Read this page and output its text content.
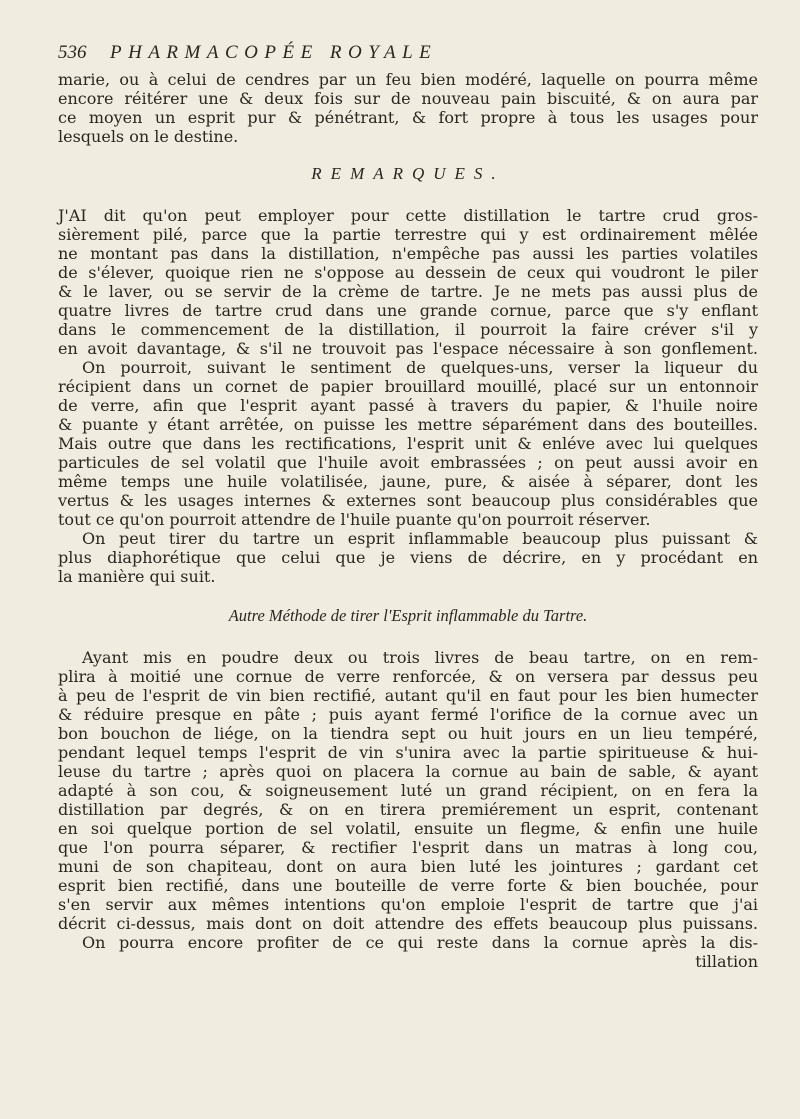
536 PHARMACOPÉE ROYALE
marie, ou à celui de cendres par un feu bien modéré, laquelle on pourra même
encore réitérer une & deux fois sur de nouveau pain biscuité, & on aura par
ce moyen un esprit pur & pénétrant, & fort propre à tous les usages pour
lesquels on le destine.
REMARQUES.
J'AI dit qu'on peut employer pour cette distillation le tartre crud gros-
sièrement pilé, parce que la partie terrestre qui y est ordinairement mêlée
ne montant pas dans la distillation, n'empêche pas aussi les parties volatiles
de s'élever, quoique rien ne s'oppose au dessein de ceux qui voudront le piler
& le laver, ou se servir de la crème de tartre. Je ne mets pas aussi plus de
quatre livres de tartre crud dans une grande cornue, parce que s'y enflant
dans le commencement de la distillation, il pourroit la faire créver s'il y
en avoit davantage, & s'il ne trouvoit pas l'espace nécessaire à son gonflement.
On pourroit, suivant le sentiment de quelques-uns, verser la liqueur du
récipient dans un cornet de papier brouillard mouillé, placé sur un entonnoir
de verre, afin que l'esprit ayant passé à travers du papier, & l'huile noire
& puante y étant arrêtée, on puisse les mettre séparément dans des bouteilles.
Mais outre que dans les rectifications, l'esprit unit & enléve avec lui quelques
particules de sel volatil que l'huile avoit embrassées ; on peut aussi avoir en
même temps une huile volatilisée, jaune, pure, & aisée à séparer, dont les
vertus & les usages internes & externes sont beaucoup plus considérables que
tout ce qu'on pourroit attendre de l'huile puante qu'on pourroit réserver.
On peut tirer du tartre un esprit inflammable beaucoup plus puissant &
plus diaphorétique que celui que je viens de décrire, en y procédant en
la manière qui suit.
Autre Méthode de tirer l'Esprit inflammable du Tartre.
Ayant mis en poudre deux ou trois livres de beau tartre, on en rem-
plira à moitié une cornue de verre renforcée, & on versera par dessus peu
à peu de l'esprit de vin bien rectifié, autant qu'il en faut pour les bien humecter
& réduire presque en pâte ; puis ayant fermé l'orifice de la cornue avec un
bon bouchon de liége, on la tiendra sept ou huit jours en un lieu tempéré,
pendant lequel temps l'esprit de vin s'unira avec la partie spiritueuse & hui-
leuse du tartre ; après quoi on placera la cornue au bain de sable, & ayant
adapté à son cou, & soigneusement luté un grand récipient, on en fera la
distillation par degrés, & on en tirera premiérement un esprit, contenant
en soi quelque portion de sel volatil, ensuite un flegme, & enfin une huile
que l'on pourra séparer, & rectifier l'esprit dans un matras à long cou,
muni de son chapiteau, dont on aura bien luté les jointures ; gardant cet
esprit bien rectifié, dans une bouteille de verre forte & bien bouchée, pour
s'en servir aux mêmes intentions qu'on emploie l'esprit de tartre que j'ai
décrit ci-dessus, mais dont on doit attendre des effets beaucoup plus puissans.
On pourra encore profiter de ce qui reste dans la cornue après la dis-
tillation
